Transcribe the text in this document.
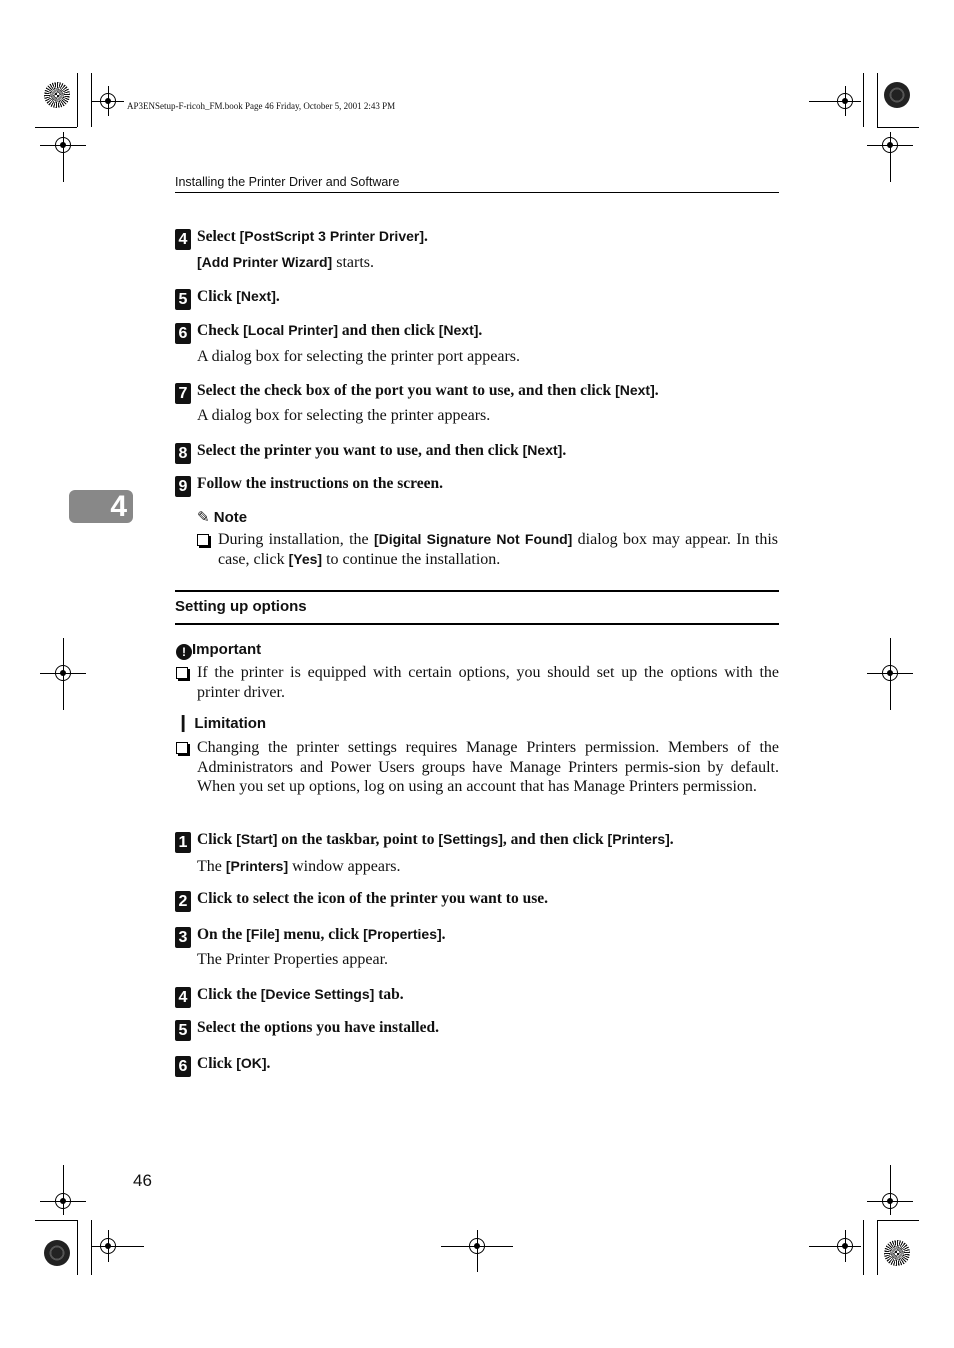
AP3ENSetup-F-ricoh_FM.book Page 46 Friday, October 5, 2001 2:43 PM
Installing the Printer Driver and Software
4
4 Select [PostScript 3 Printer Driver].
[Add Printer Wizard] starts.
5 Click [Next].
6 Check [Local Printer] and then click [Next].
A dialog box for selecting the printer port appears.
7 Select the check box of the port you want to use, and then click [Next].
A dialog box for selecting the printer appears.
8 Select the printer you want to use, and then click [Next].
9 Follow the instructions on the screen.
✎ Note
During installation, the [Digital Signature Not Found] dialog box may appear. In this case, click [Yes] to continue the installation.
Setting up options
! Important
If the printer is equipped with certain options, you should set up the options with the printer driver.
❙ Limitation
Changing the printer settings requires Manage Printers permission. Members of the Administrators and Power Users groups have Manage Printers permis-sion by default. When you set up options, log on using an account that has Manage Printers permission.
1 Click [Start] on the taskbar, point to [Settings], and then click [Printers].
The [Printers] window appears.
2 Click to select the icon of the printer you want to use.
3 On the [File] menu, click [Properties].
The Printer Properties appear.
4 Click the [Device Settings] tab.
5 Select the options you have installed.
6 Click [OK].
46
